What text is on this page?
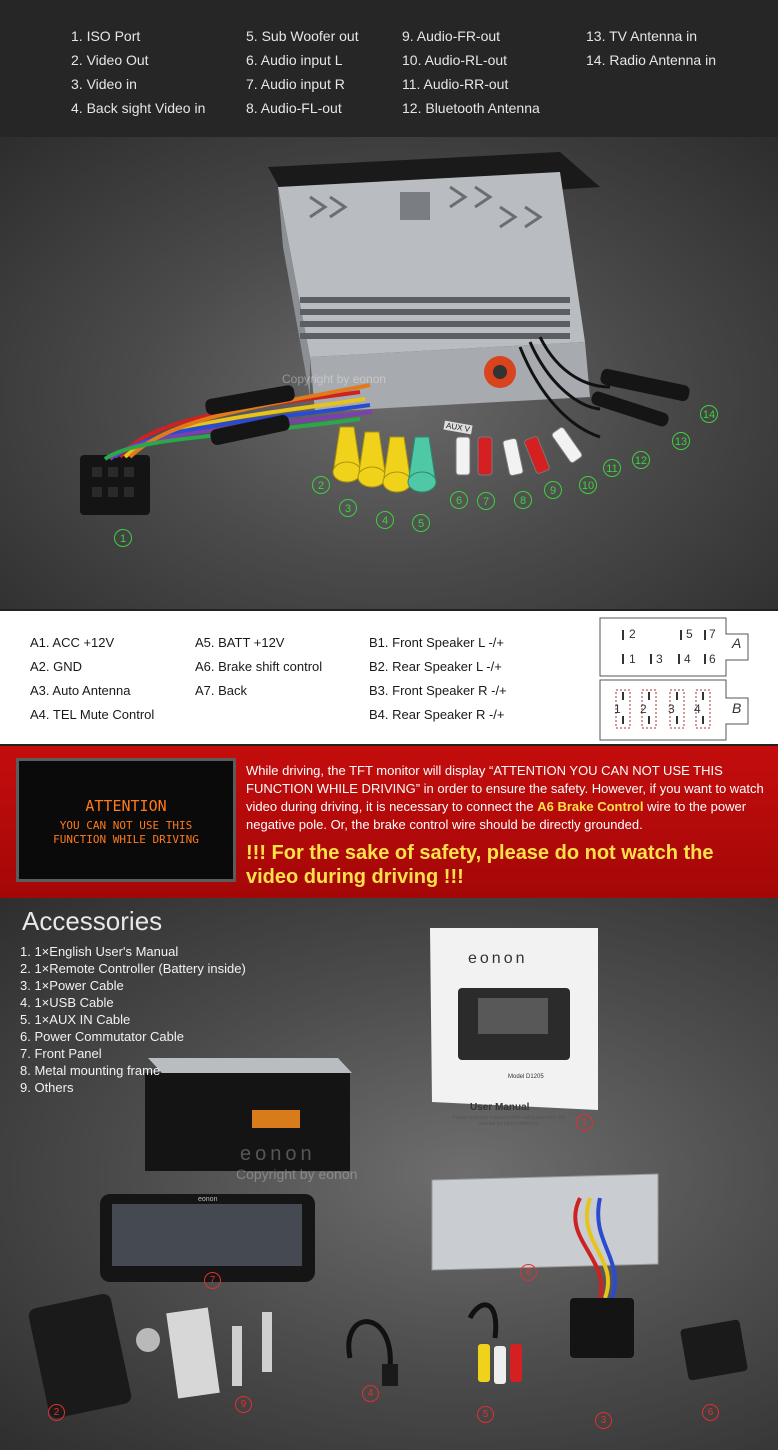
1. ISO Port
2. Video Out
3. Video in
4. Back sight Video in
5. Sub Woofer out
6. Audio input L
7. Audio input R
8. Audio-FL-out
9. Audio-FR-out
10. Audio-RL-out
11. Audio-RR-out
12. Bluetooth Antenna
13. TV Antenna in
14. Radio Antenna in
Copyright by eonon
AUX V
1
2
3
4	5
6	7	8
9	10
11
12
13
14
A1. ACC +12V
A2. GND
A3. Auto Antenna
A4. TEL Mute Control
A5. BATT +12V
A6. Brake shift control
A7. Back
B1. Front Speaker L -/+
B2. Rear Speaker L -/+
B3. Front Speaker R -/+
B4. Rear Speaker R -/+
2	5 7
1 3 4 6
A
1 2 3 4 B
ATTENTION
YOU CAN NOT USE THIS
FUNCTION WHILE DRIVING
While driving, the TFT monitor will display “ATTENTION YOU CAN NOT USE THIS FUNCTION WHILE DRIVING” in order to ensure the safety. However, if you want to watch video during driving, it is necessary to connect the A6 Brake Control wire to the power negative pole. Or, the brake control wire should be directly grounded.
!!! For the sake of safety, please do not watch the
video during driving !!!
Accessories
1. 1×English User's Manual
2. 1×Remote Controller (Battery inside)
3. 1×Power Cable
4. 1×USB Cable
5. 1×AUX IN Cable
6. Power Commutator Cable
7. Front Panel
8. Metal mounting frame
9. Others
eonon
Model D1205
User Manual
Please read this manual before using and save this manual for future reference
eonon
Copyright by eonon
eonon
1
7
8
2
9
4
5
3
6
